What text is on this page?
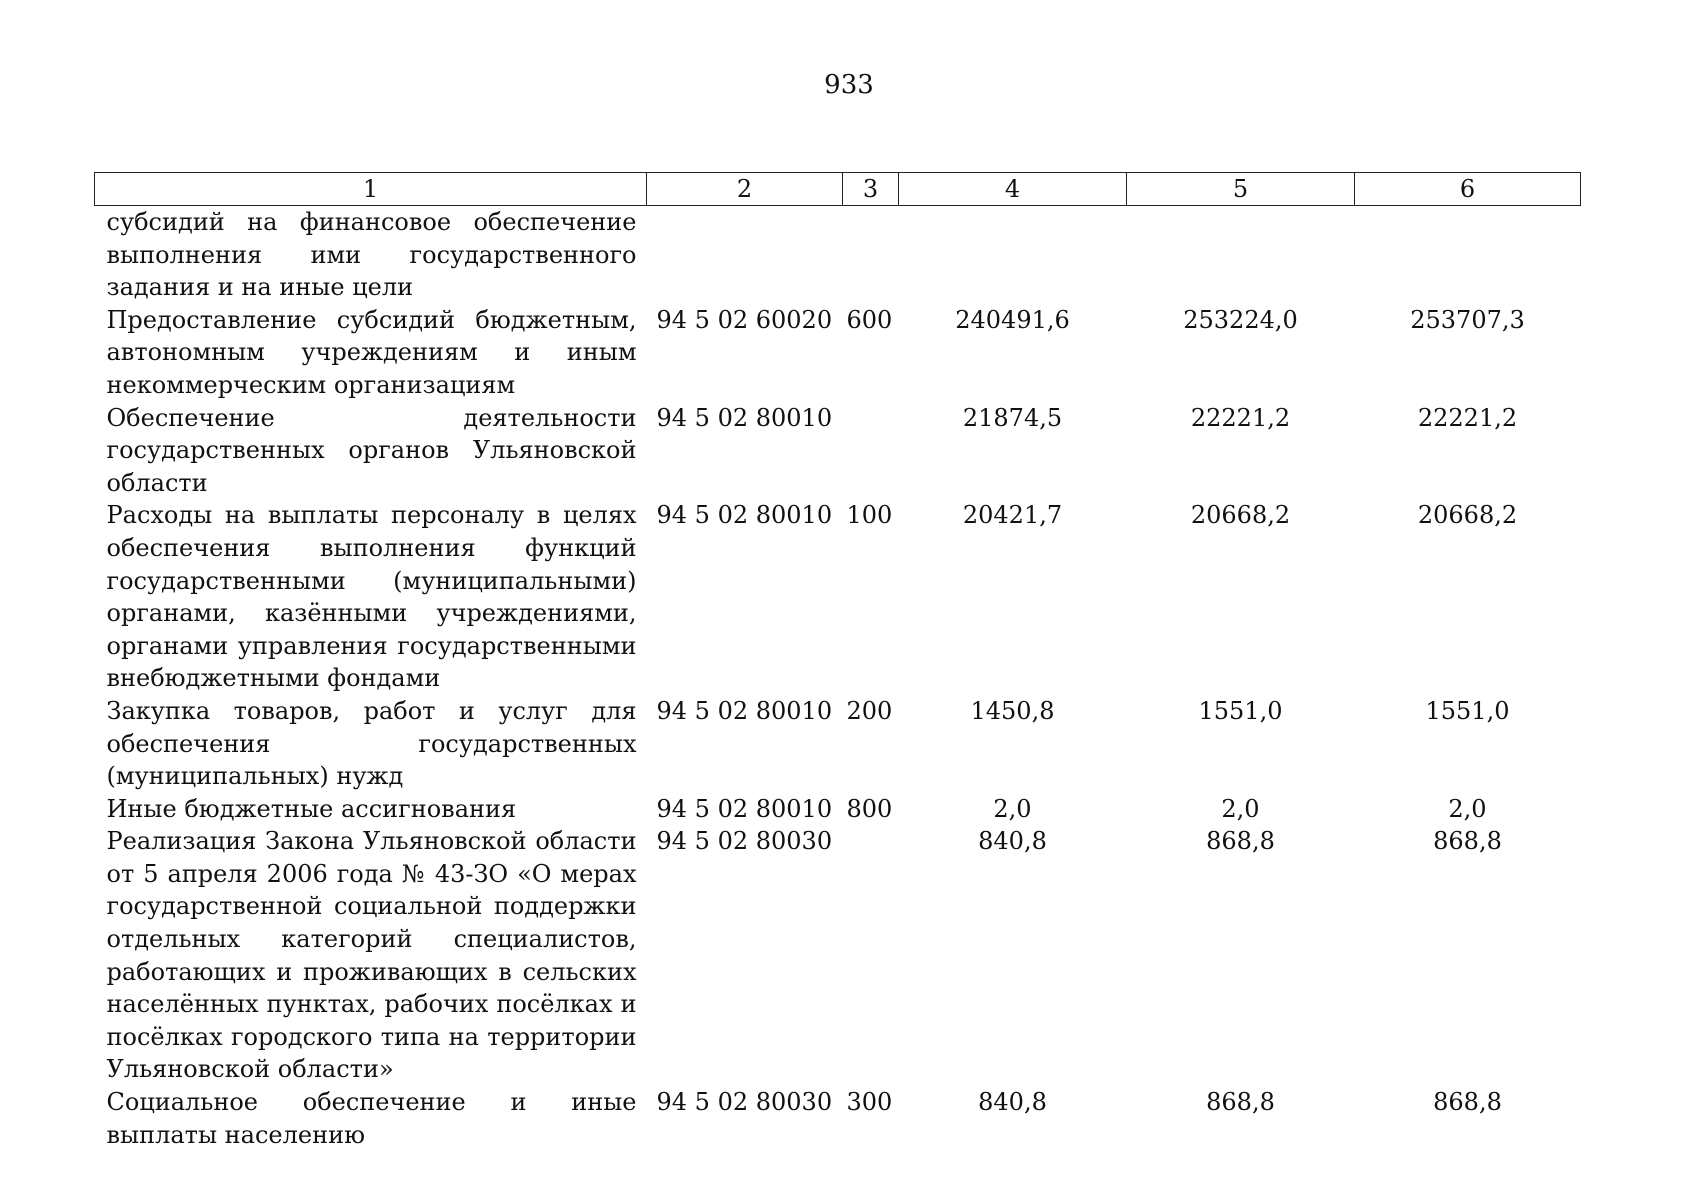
933
1	2	3	4	5	6
субсидий на финансовое обеспечение выполнения ими государственного задания и на иные цели					
Предоставление субсидий бюджетным, автономным учреждениям и иным некоммерческим организациям	94 5 02 60020	600	240491,6	253224,0	253707,3
Обеспечение деятельности государственных органов Ульяновской области	94 5 02 80010		21874,5	22221,2	22221,2
Расходы на выплаты персоналу в целях обеспечения выполнения функций государственными (муниципальными) органами, казёнными учреждениями, органами управления государственными внебюджетными фондами	94 5 02 80010	100	20421,7	20668,2	20668,2
Закупка товаров, работ и услуг для обеспечения государственных (муниципальных) нужд	94 5 02 80010	200	1450,8	1551,0	1551,0
Иные бюджетные ассигнования	94 5 02 80010	800	2,0	2,0	2,0
Реализация Закона Ульяновской области от 5 апреля 2006 года № 43-ЗО «О мерах государственной социальной поддержки отдельных категорий специалистов, работающих и проживающих в сельских населённых пунктах, рабочих посёлках и посёлках городского типа на территории Ульяновской области»	94 5 02 80030		840,8	868,8	868,8
Социальное обеспечение и иные выплаты населению	94 5 02 80030	300	840,8	868,8	868,8
